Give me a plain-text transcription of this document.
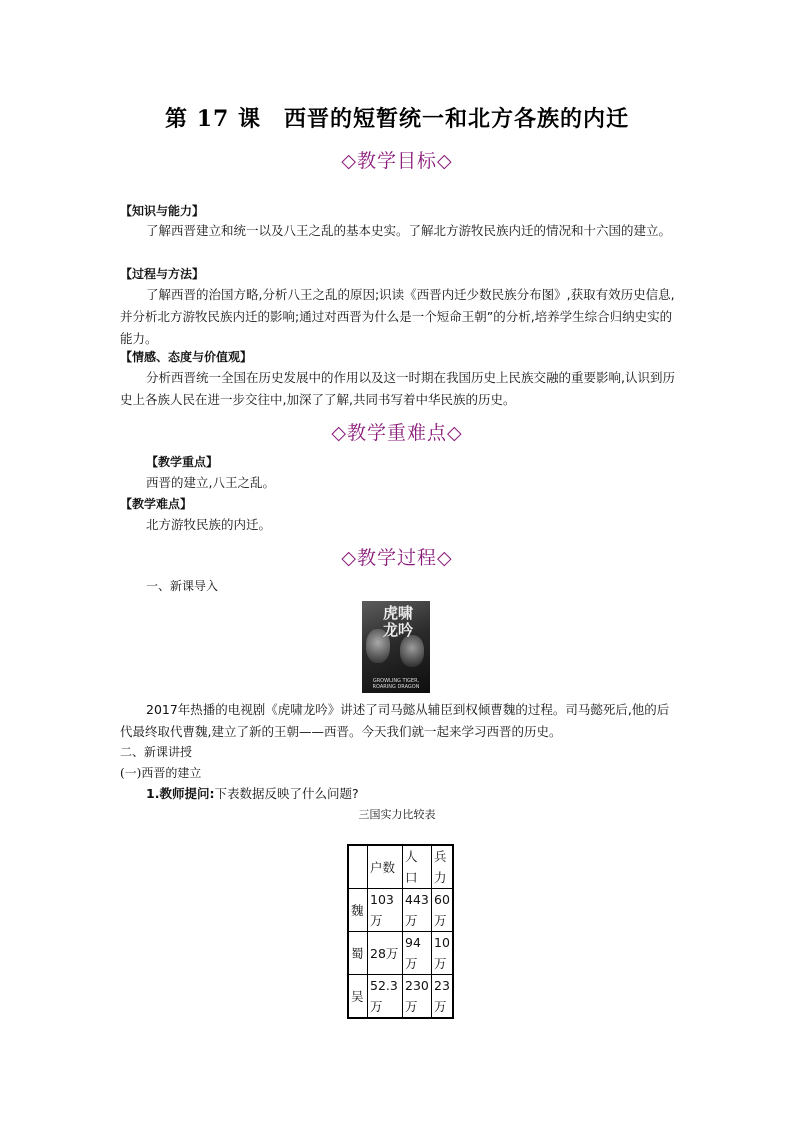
第 17 课　西晋的短暂统一和北方各族的内迁
◇教学目标◇
【知识与能力】
了解西晋建立和统一以及八王之乱的基本史实。了解北方游牧民族内迁的情况和十六国的建立。
【过程与方法】
了解西晋的治国方略,分析八王之乱的原因;识读《西晋内迁少数民族分布图》,获取有效历史信息,并分析北方游牧民族内迁的影响;通过对西晋为什么是一个短命王朝”的分析,培养学生综合归纳史实的能力。
【情感、态度与价值观】
分析西晋统一全国在历史发展中的作用以及这一时期在我国历史上民族交融的重要影响,认识到历史上各族人民在进一步交往中,加深了了解,共同书写着中华民族的历史。
◇教学重难点◇
【教学重点】
西晋的建立,八王之乱。
【教学难点】
北方游牧民族的内迁。
◇教学过程◇
一、新课导入
虎啸龙吟
GROWLING TIGER, ROARING DRAGON
2017年热播的电视剧《虎啸龙吟》讲述了司马懿从辅臣到权倾曹魏的过程。司马懿死后,他的后代最终取代曹魏,建立了新的王朝——西晋。今天我们就一起来学习西晋的历史。
二、新课讲授
(一)西晋的建立
1.教师提问:下表数据反映了什么问题?
三国实力比较表
	户数	人口	兵力
魏	103万	443万	60万
蜀	28万	94万	10万
吴	52.3万	230万	23万
